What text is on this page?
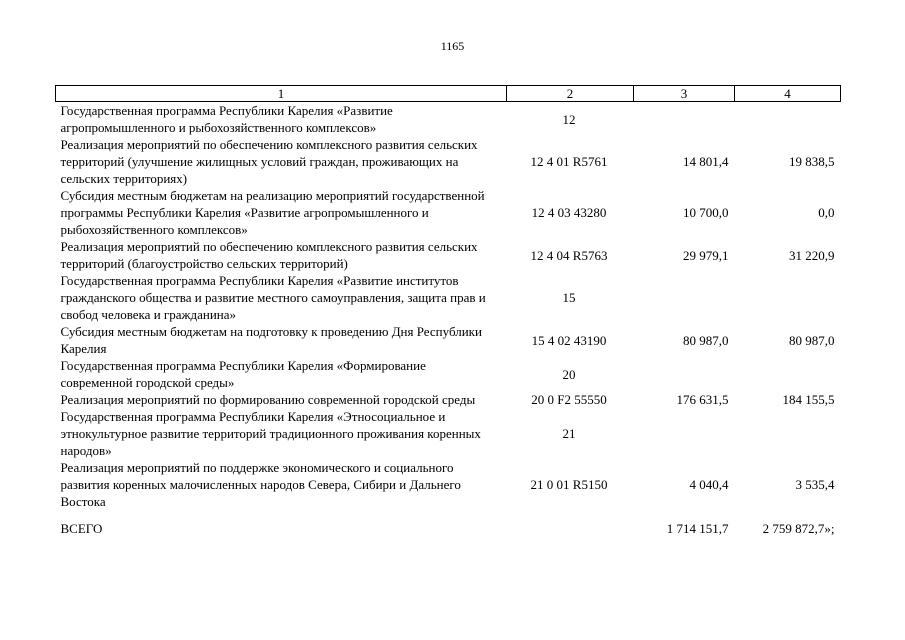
1165
1	2	3	4
Государственная программа Республики Карелия «Развитие агропромышленного и рыбохозяйственного комплексов»	12		
Реализация мероприятий по обеспечению комплексного развития сельских территорий (улучшение жилищных условий граждан, проживающих на сельских территориях)	12 4 01 R5761	14 801,4	19 838,5
Субсидия местным бюджетам на реализацию мероприятий государственной программы Республики Карелия «Развитие агропромышленного и рыбохозяйственного комплексов»	12 4 03 43280	10 700,0	0,0
Реализация мероприятий по обеспечению комплексного развития сельских территорий (благоустройство сельских территорий)	12 4 04 R5763	29 979,1	31 220,9
Государственная программа Республики Карелия «Развитие институтов гражданского общества и развитие местного самоуправления, защита прав и свобод человека и гражданина»	15		
Субсидия местным бюджетам на подготовку к проведению Дня Республики Карелия	15 4 02 43190	80 987,0	80 987,0
Государственная программа Республики Карелия «Формирование современной городской среды»	20		
Реализация мероприятий по формированию современной городской среды	20 0 F2 55550	176 631,5	184 155,5
Государственная программа Республики Карелия «Этносоциальное и этнокультурное развитие территорий традиционного проживания коренных народов»	21		
Реализация мероприятий по поддержке экономического и социального развития коренных малочисленных народов Севера, Сибири и Дальнего Востока	21 0 01 R5150	4 040,4	3 535,4
ВСЕГО		1 714 151,7	2 759 872,7»;
